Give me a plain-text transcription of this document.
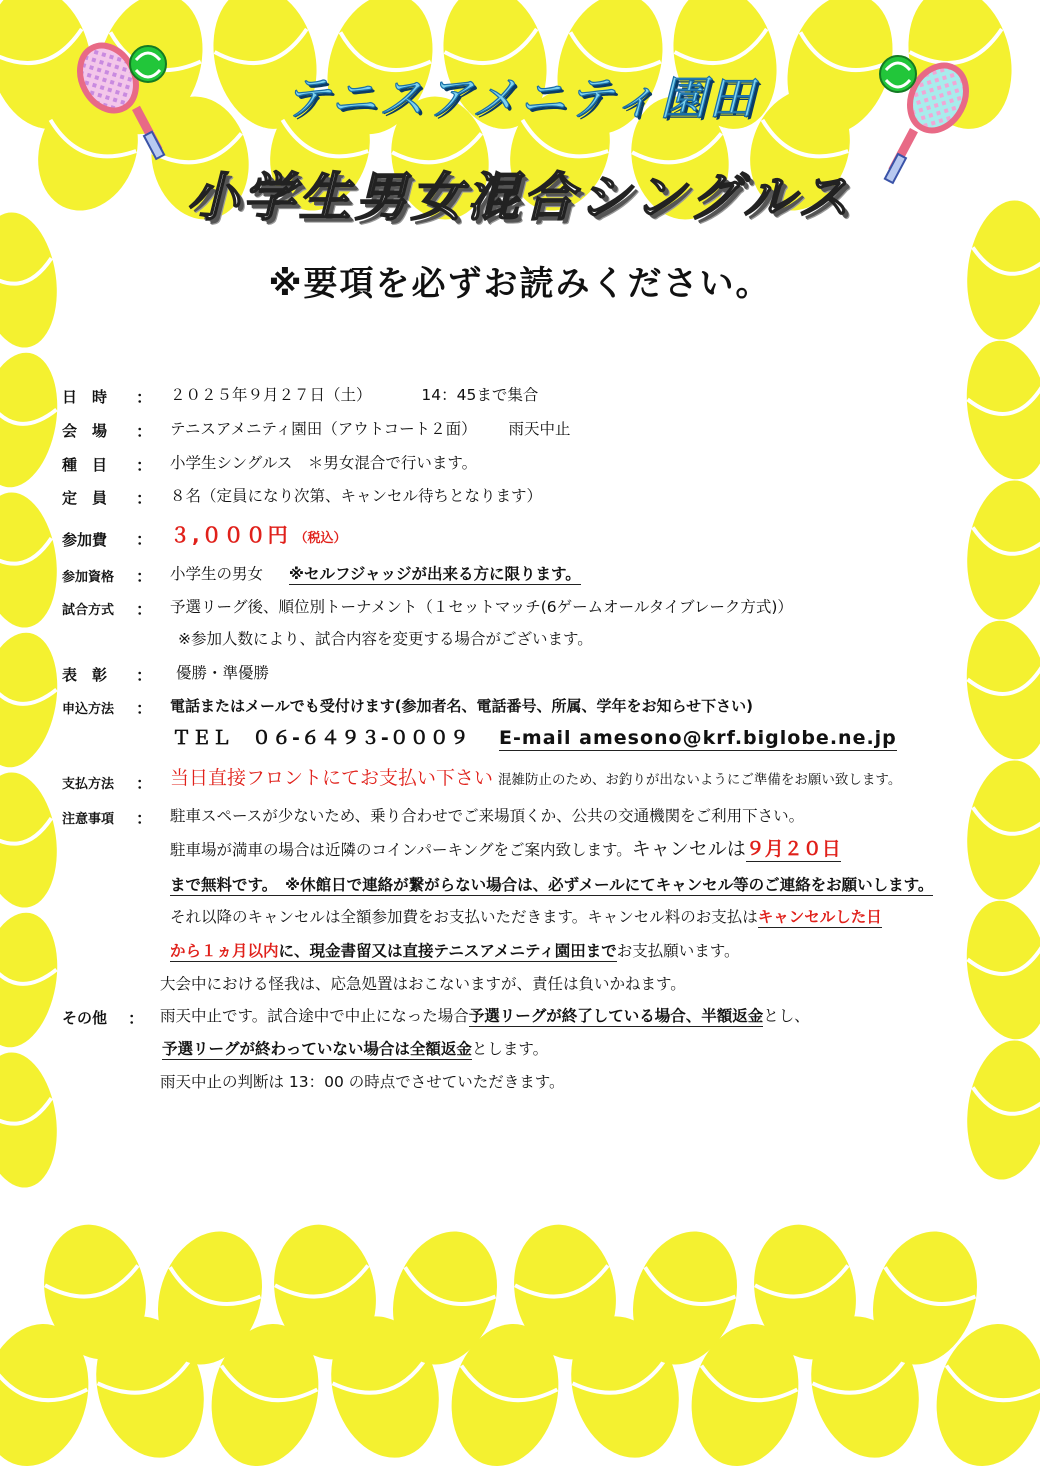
テニスアメニティ園田
小学生男女混合シングルス
※要項を必ずお読みください。
日　時 ： ２０２５年９月２７日（土）	14：45まで集合
会　場 ： テニスアメニティ園田（アウトコート２面） 雨天中止
種　目 ： 小学生シングルス　＊男女混合で行います。
定　員 ： ８名（定員になり次第、キャンセル待ちとなります）
参加費 ： ３,０００円 （税込）
参加資格 ： 小学生の男女 ※セルフジャッジが出来る方に限ります。
試合方式 ： 予選リーグ後、順位別トーナメント（１セットマッチ(6ゲームオールタイブレーク方式)）
※参加人数により、試合内容を変更する場合がございます。
表　彰 ： 優勝・準優勝
申込方法 ： 電話またはメールでも受付けます(参加者名、電話番号、所属、学年をお知らせ下さい)
ＴＥＬ　０６-６４９３-０００９ E-mail amesono@krf.biglobe.ne.jp
支払方法 ： 当日直接フロントにてお支払い下さい 混雑防止のため、お釣りが出ないようにご準備をお願い致します。
注意事項 ： 駐車スペースが少ないため、乗り合わせでご来場頂くか、公共の交通機関をご利用下さい。
駐車場が満車の場合は近隣のコインパーキングをご案内致します。キャンセルは９月２０日
まで無料です。　※休館日で連絡が繋がらない場合は、必ずメールにてキャンセル等のご連絡をお願いします。
それ以降のキャンセルは全額参加費をお支払いただきます。キャンセル料のお支払はキャンセルした日
から１ヵ月以内に、現金書留又は直接テニスアメニティ園田までお支払願います。
大会中における怪我は、応急処置はおこないますが、責任は負いかねます。
その他 ： 雨天中止です。試合途中で中止になった場合予選リーグが終了している場合、半額返金とし、
予選リーグが終わっていない場合は全額返金とします。
雨天中止の判断は 13：00 の時点でさせていただきます。
